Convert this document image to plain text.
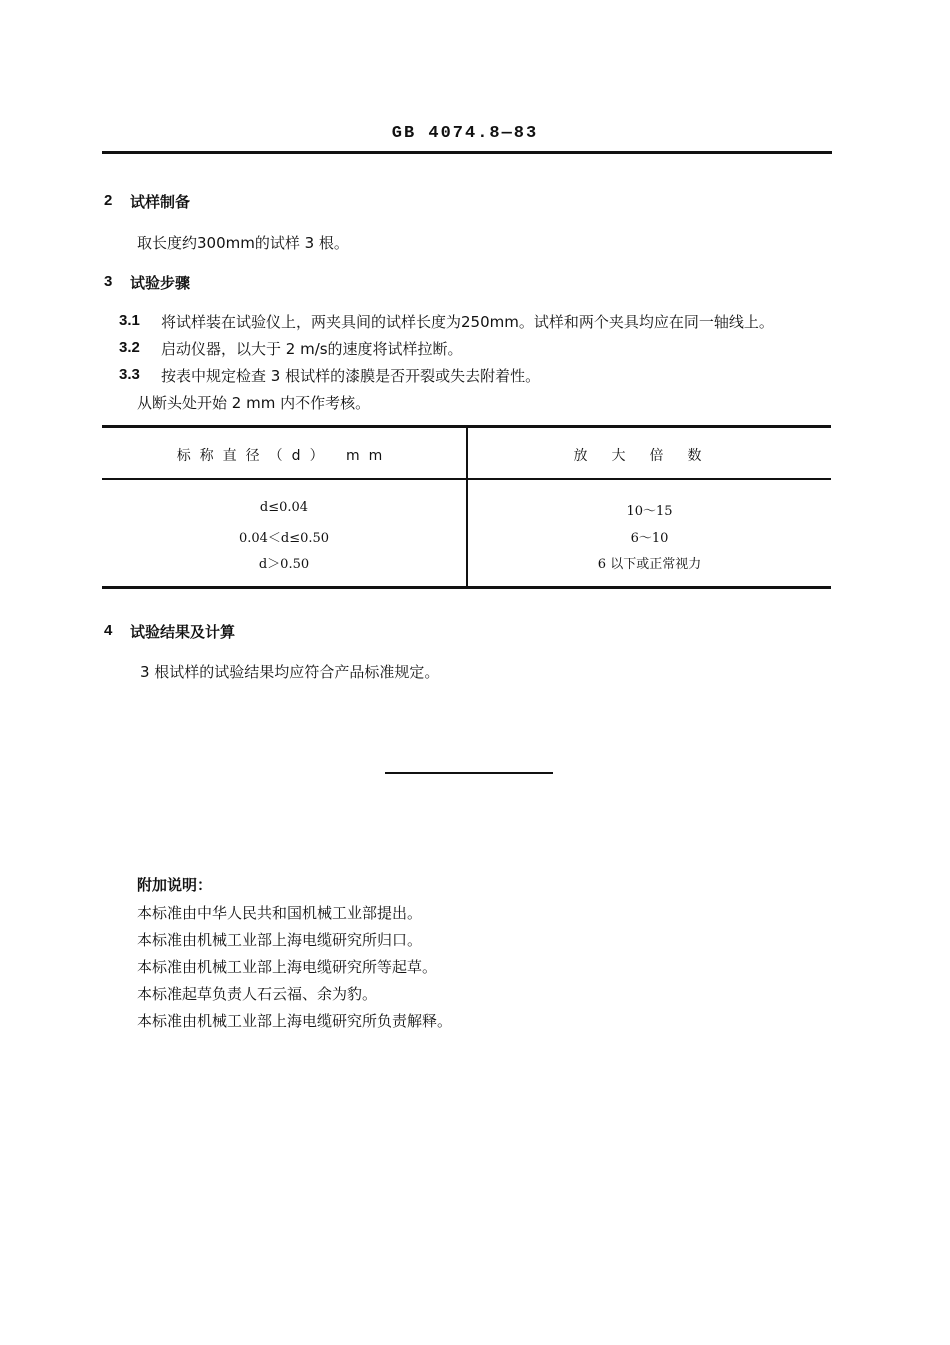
GB 4074.8—83
2 试样制备
取长度约300mm的试样 3 根。
3 试验步骤
3.1 将试样装在试验仪上，两夹具间的试样长度为250mm。试样和两个夹具均应在同一轴线上。
3.2 启动仪器，以大于 2 m/s的速度将试样拉断。
3.3 按表中规定检查 3 根试样的漆膜是否开裂或失去附着性。
从断头处开始 2 mm 内不作考核。
标称直径（d） mm	放大倍数
d≤0.04	10～15
0.04＜d≤0.50	6～10
d＞0.50	6 以下或正常视力
4 试验结果及计算
3 根试样的试验结果均应符合产品标准规定。
附加说明：
本标准由中华人民共和国机械工业部提出。
本标准由机械工业部上海电缆研究所归口。
本标准由机械工业部上海电缆研究所等起草。
本标准起草负责人石云福、余为豹。
本标准由机械工业部上海电缆研究所负责解释。
